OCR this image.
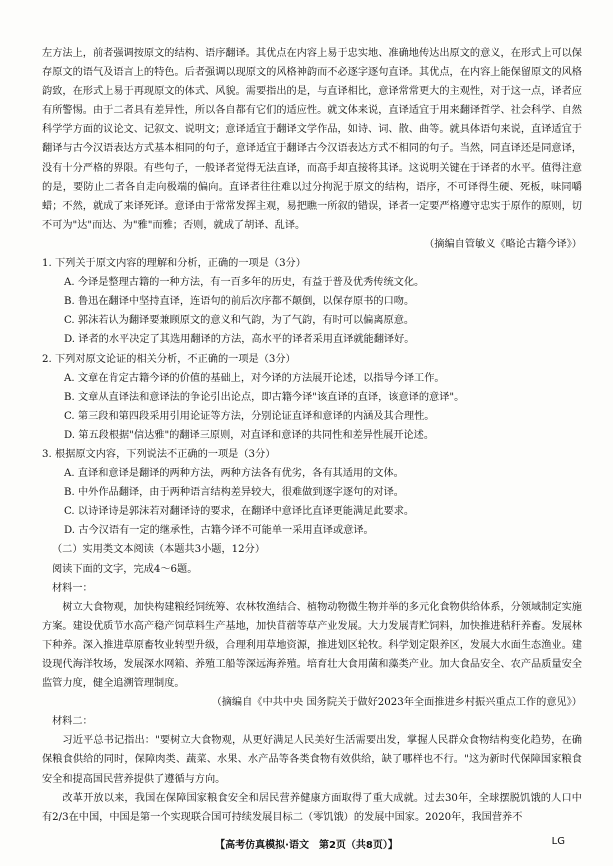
左方法上，前者强调按原文的结构、语序翻译。其优点在内容上易于忠实地、准确地传达出原文的意义，在形式上可以保存原文的语气及语言上的特色。后者强调以现原文的风格神韵而不必逐字逐句直译。其优点，在内容上能保留原文的风格韵致，在形式上易于再现原文的体式、风貌。需要指出的是，与直译相比，意译常常更大的主观性，对于这一点，译者应有所警惕。由于二者具有差异性，所以各自都有它们的适应性。就文体来说，直译适宜于用来翻译哲学、社会科学、自然科学学方面的议论文、记叙文、说明文；意译适宜于翻译文学作品，如诗、词、散、曲等。就具体语句来说，直译适宜于翻译与古今汉语表达方式基本相同的句子，意译适宜于翻译古今汉语表达方式不相同的句子。当然，同直译还是同意译，没有十分严格的界限。有些句子，一般译者觉得无法直译，而高手却直接将其译。这说明关键在于译者的水平。值得注意的是，要防止二者各自走向极端的偏向。直译者往往难以过分拘泥于原文的结构，语序，不可译得生硬、死板，味同嚼蜡；不然，就成了来译死译。意译由于常常发挥主观，易把瞧一所叙的错误，译者一定要严格遵守忠实于原作的原则，切不可为"达"而达、为"雅"而雅；否则，就成了胡译、乱译。

（摘编自管敏义《略论古籍今译》）

1. 下列关于原文内容的理解和分析，正确的一项是（3分）

A. 今译是整理古籍的一种方法，有一百多年的历史，有益于普及优秀传统文化。

B. 鲁迅在翻译中坚持直译，连语句的前后次序都不颠倒，以保存原书的口吻。

C. 郭沫若认为翻译要兼顾原文的意义和气韵，为了气韵，有时可以偏离原意。

D. 译者的水平决定了其选用翻译的方法，高水平的译者采用直译就能翻译好。

2. 下列对原文论证的相关分析，不正确的一项是（3分）

A. 文章在肯定古籍今译的价值的基础上，对今译的方法展开论述，以指导今译工作。

B. 文章从直译法和意译法的争论引出论点，即古籍今译"该直译的直译，该意译的意译"。

C. 第三段和第四段采用引用论证等方法，分别论证直译和意译的内涵及其合理性。

D. 第五段根据"信达雅"的翻译三原则，对直译和意译的共同性和差异性展开论述。

3. 根据原文内容，下列说法不正确的一项是（3分）

A. 直译和意译是翻译的两种方法，两种方法各有优劣，各有其适用的文体。

B. 中外作品翻译，由于两种语言结构差异较大，很难做到逐字逐句的对译。

C. 以诗译诗是郭沫若对翻译诗的要求，在翻译中意译比直译更能满足此要求。

D. 古今汉语有一定的继承性，古籍今译不可能单一采用直译或意译。

（二）实用类文本阅读（本题共3小题，12分）

阅读下面的文字，完成4～6题。

材料一：

树立大食物观，加快构建粮经饲统筹、农林牧渔结合、植物动物微生物并举的多元化食物供给体系，分领域制定实施方案。建设优质节水高产稳产饲草料生产基地，加快苜蓿等草产业发展。大力发展青贮饲料，加快推进秸秆养畜。发展林下种养。深入推进草原畜牧业转型升级，合理利用草地资源，推进划区轮牧。科学划定限养区，发展大水面生态渔业。建设现代海洋牧场，发展深水网箱、养殖工船等深远海养殖。培育壮大食用菌和藻类产业。加大食品安全、农产品质量安全监管力度，健全追溯管理制度。

（摘编自《中共中央 国务院关于做好2023年全面推进乡村振兴重点工作的意见》）

材料二：

习近平总书记指出："要树立大食物观，从更好满足人民美好生活需要出发，掌握人民群众食物结构变化趋势，在确保粮食供给的同时，保障肉类、蔬菜、水果、水产品等各类食物有效供给，缺了哪样也不行。"这为新时代保障国家粮食安全和提高国民营养提供了遵循与方向。

改革开放以来，我国在保障国家粮食安全和居民营养健康方面取得了重大成就。过去30年，全球摆脱饥饿的人口中有2/3在中国，中国是第一个实现联合国可持续发展目标二（零饥饿）的发展中国家。2020年，我国营养不

【高考仿真模拟·语文　第2页（共8页）】	LG
